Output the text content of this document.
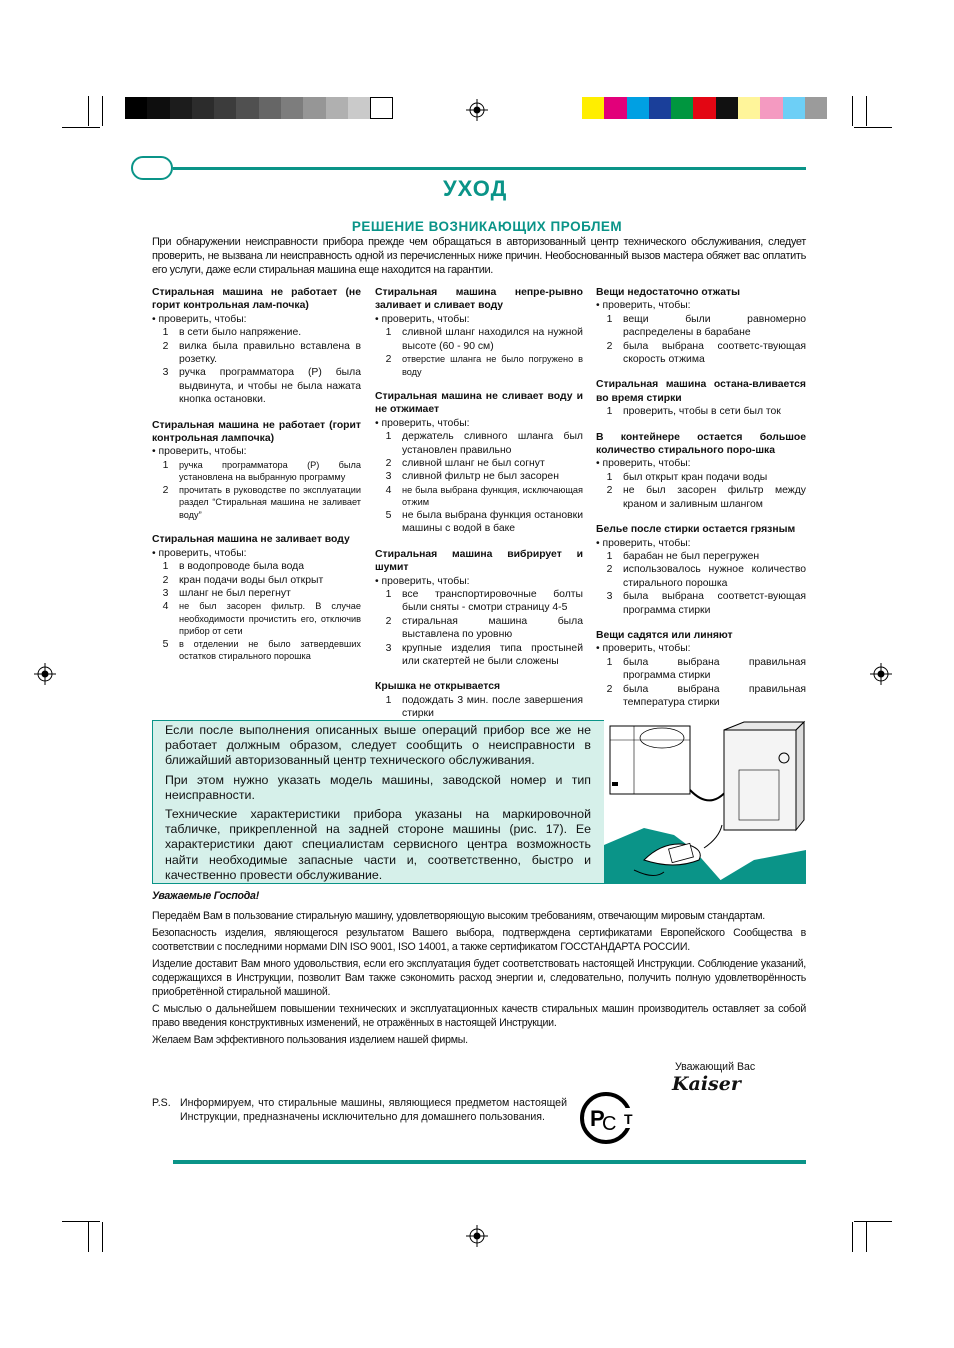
УХОД
РЕШЕНИЕ ВОЗНИКАЮЩИХ ПРОБЛЕМ
При обнаружении неисправности прибора прежде чем обращаться в авторизованный центр технического обслуживания, следует проверить, не вызвана ли неисправность одной из перечисленных ниже причин. Необоснованный вызов мастера обяжет вас оплатить его услуги, даже если стиральная машина еще находится на гарантии.
Стиральная машина не работает (не горит контрольная лам-почка)
• проверить, чтобы:
1	в сети было напряжение.
2	вилка была правильно вставлена в розетку.
3	ручка программатора (P) была выдвинута, и чтобы не была нажата кнопка остановки.
Стиральная машина не работает (горит контрольная лампочка)
• проверить, чтобы:
1	ручка программатора (P) была установлена на выбранную программу
2	прочитать в руководстве по эксплуатации раздел “Стиральная машина не заливает воду”
Стиральная машина не заливает воду
• проверить, чтобы:
1	в водопроводе была вода
2	кран подачи воды был открыт
3	шланг не был перегнут
4	не был засорен фильтр. В случае необходимости прочистить его, отключив прибор от сети
5	в отделении не было затвердевших остатков стирального порошка
Стиральная машина непре-рывно заливает и сливает воду
• проверить, чтобы:
1	сливной шланг находился на нужной высоте (60 - 90 см)
2	отверстие шланга не было погружено в воду
Стиральная машина не сливает воду и не отжимает
• проверить, чтобы:
1	держатель сливного шланга был установлен правильно
2	сливной шланг не был согнут
3	сливной фильтр не был засорен
4	не была выбрана функция, исключающая отжим
5	не была выбрана функция остановки машины с водой в баке
Стиральная машина вибрирует и шумит
• проверить, чтобы:
1	все транспортировочные болты были сняты - смотри страницу 4-5
2	стиральная машина была выставлена по уровню
3	крупные изделия типа простыней или скатертей не были сложены
Крышка не открывается
1	подождать 3 мин. после завершения стирки
Вещи недостаточно отжаты
• проверить, чтобы:
1	вещи были равномерно распределены в барабане
2	была выбрана соответс-твующая скорость отжима
Стиральная машина остана-вливается во время стирки
1	проверить, чтобы в сети был ток
В контейнере остается большое количество стирального поро-шка
• проверить, чтобы:
1	был открыт кран подачи воды
2	не был засорен фильтр между краном и заливным шлангом
Белье после стирки остается грязным
• проверить, чтобы:
1	барабан не был перегружен
2	использовалось нужное количество стирального порошка
3	была выбрана соответст-вующая программа стирки
Вещи садятся или линяют
• проверить, чтобы:
1	была выбрана правильная программа стирки
2	была выбрана правильная температура стирки

Если после выполнения описанных выше операций прибор все же не работает должным образом, следует сообщить о неисправности в ближайший авторизованный центр технического обслуживания.

При этом нужно указать модель машины, заводской номер и тип неисправности.

Технические характеристики прибора указаны на маркировочной табличке, прикрепленной на задней стороне машины (рис. 17). Ее характеристики дают специалистам сервисного центра возможность найти необходимые запасные части и, соответственно, быстро и качественно провести обслуживание.

Уважаемые Господа!

Передаём Вам в пользование стиральную машину, удовлетворяющую высоким требованиям, отвечающим мировым стандартам.

Безопасность изделия, являющегося результатом Вашего выбора, подтверждена сертификатами Европейского Сообщества в соответствии с последними нормами DIN ISO 9001, ISO 14001, а также сертификатом ГОССТАНДАРТА РОССИИ.

Изделие доставит Вам много удовольствия, если его эксплуатация будет соответствовать настоящей Инструкции. Соблюдение указаний, содержащихся в Инструкции, позволит Вам также сэкономить расход энергии и, следовательно, получить полную удовлетворённость приобретённой стиральной машиной.

С мыслью о дальнейшем повышении технических и эксплуатационных качеств стиральных машин производитель оставляет за собой право введения конструктивных изменений, не отражённых в настоящей Инструкции.

Желаем Вам эффективного пользования изделием нашей фирмы.

Уважающий Вас
Kaiser
P.S. Информируем, что стиральные машины, являющиеся предметом настоящей Инструкции, предназначены исключительно для домашнего пользования.	P
C T
